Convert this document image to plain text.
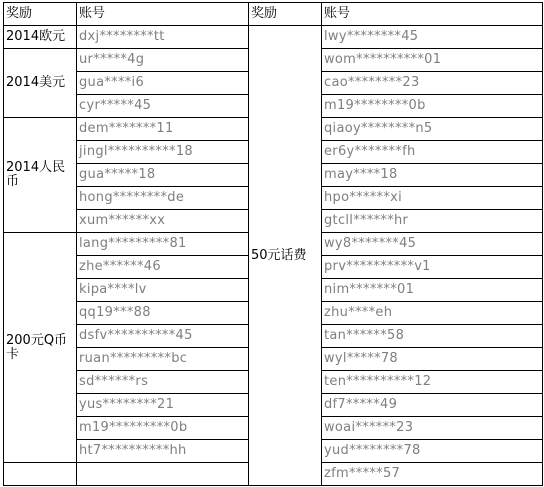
奖励	账号	奖励	账号
2014欧元	dxj********tt	50元话费	lwy********45
2014美元	ur*****4g		wom**********01
	gua****i6		cao********23
	cyr*****45		m19********0b
2014人民币	dem*******11		qiaoy********n5
	jingl**********18		er6y*******fh
	gua*****18		may****18
	hong********de		hpo******xi
	xum******xx		gtcll******hr
200元Q币卡	lang*********81		wy8*******45
	zhe******46		prv**********v1
	kipa****lv		nim*******01
	qq19***88		zhu****eh
	dsfv**********45		tan******58
	ruan*********bc		wyl*****78
	sd******rs		ten**********12
	yus********21		df7*****49
	m19*********0b		woai******23
	ht7**********hh		yud********78
			zfm*****57
